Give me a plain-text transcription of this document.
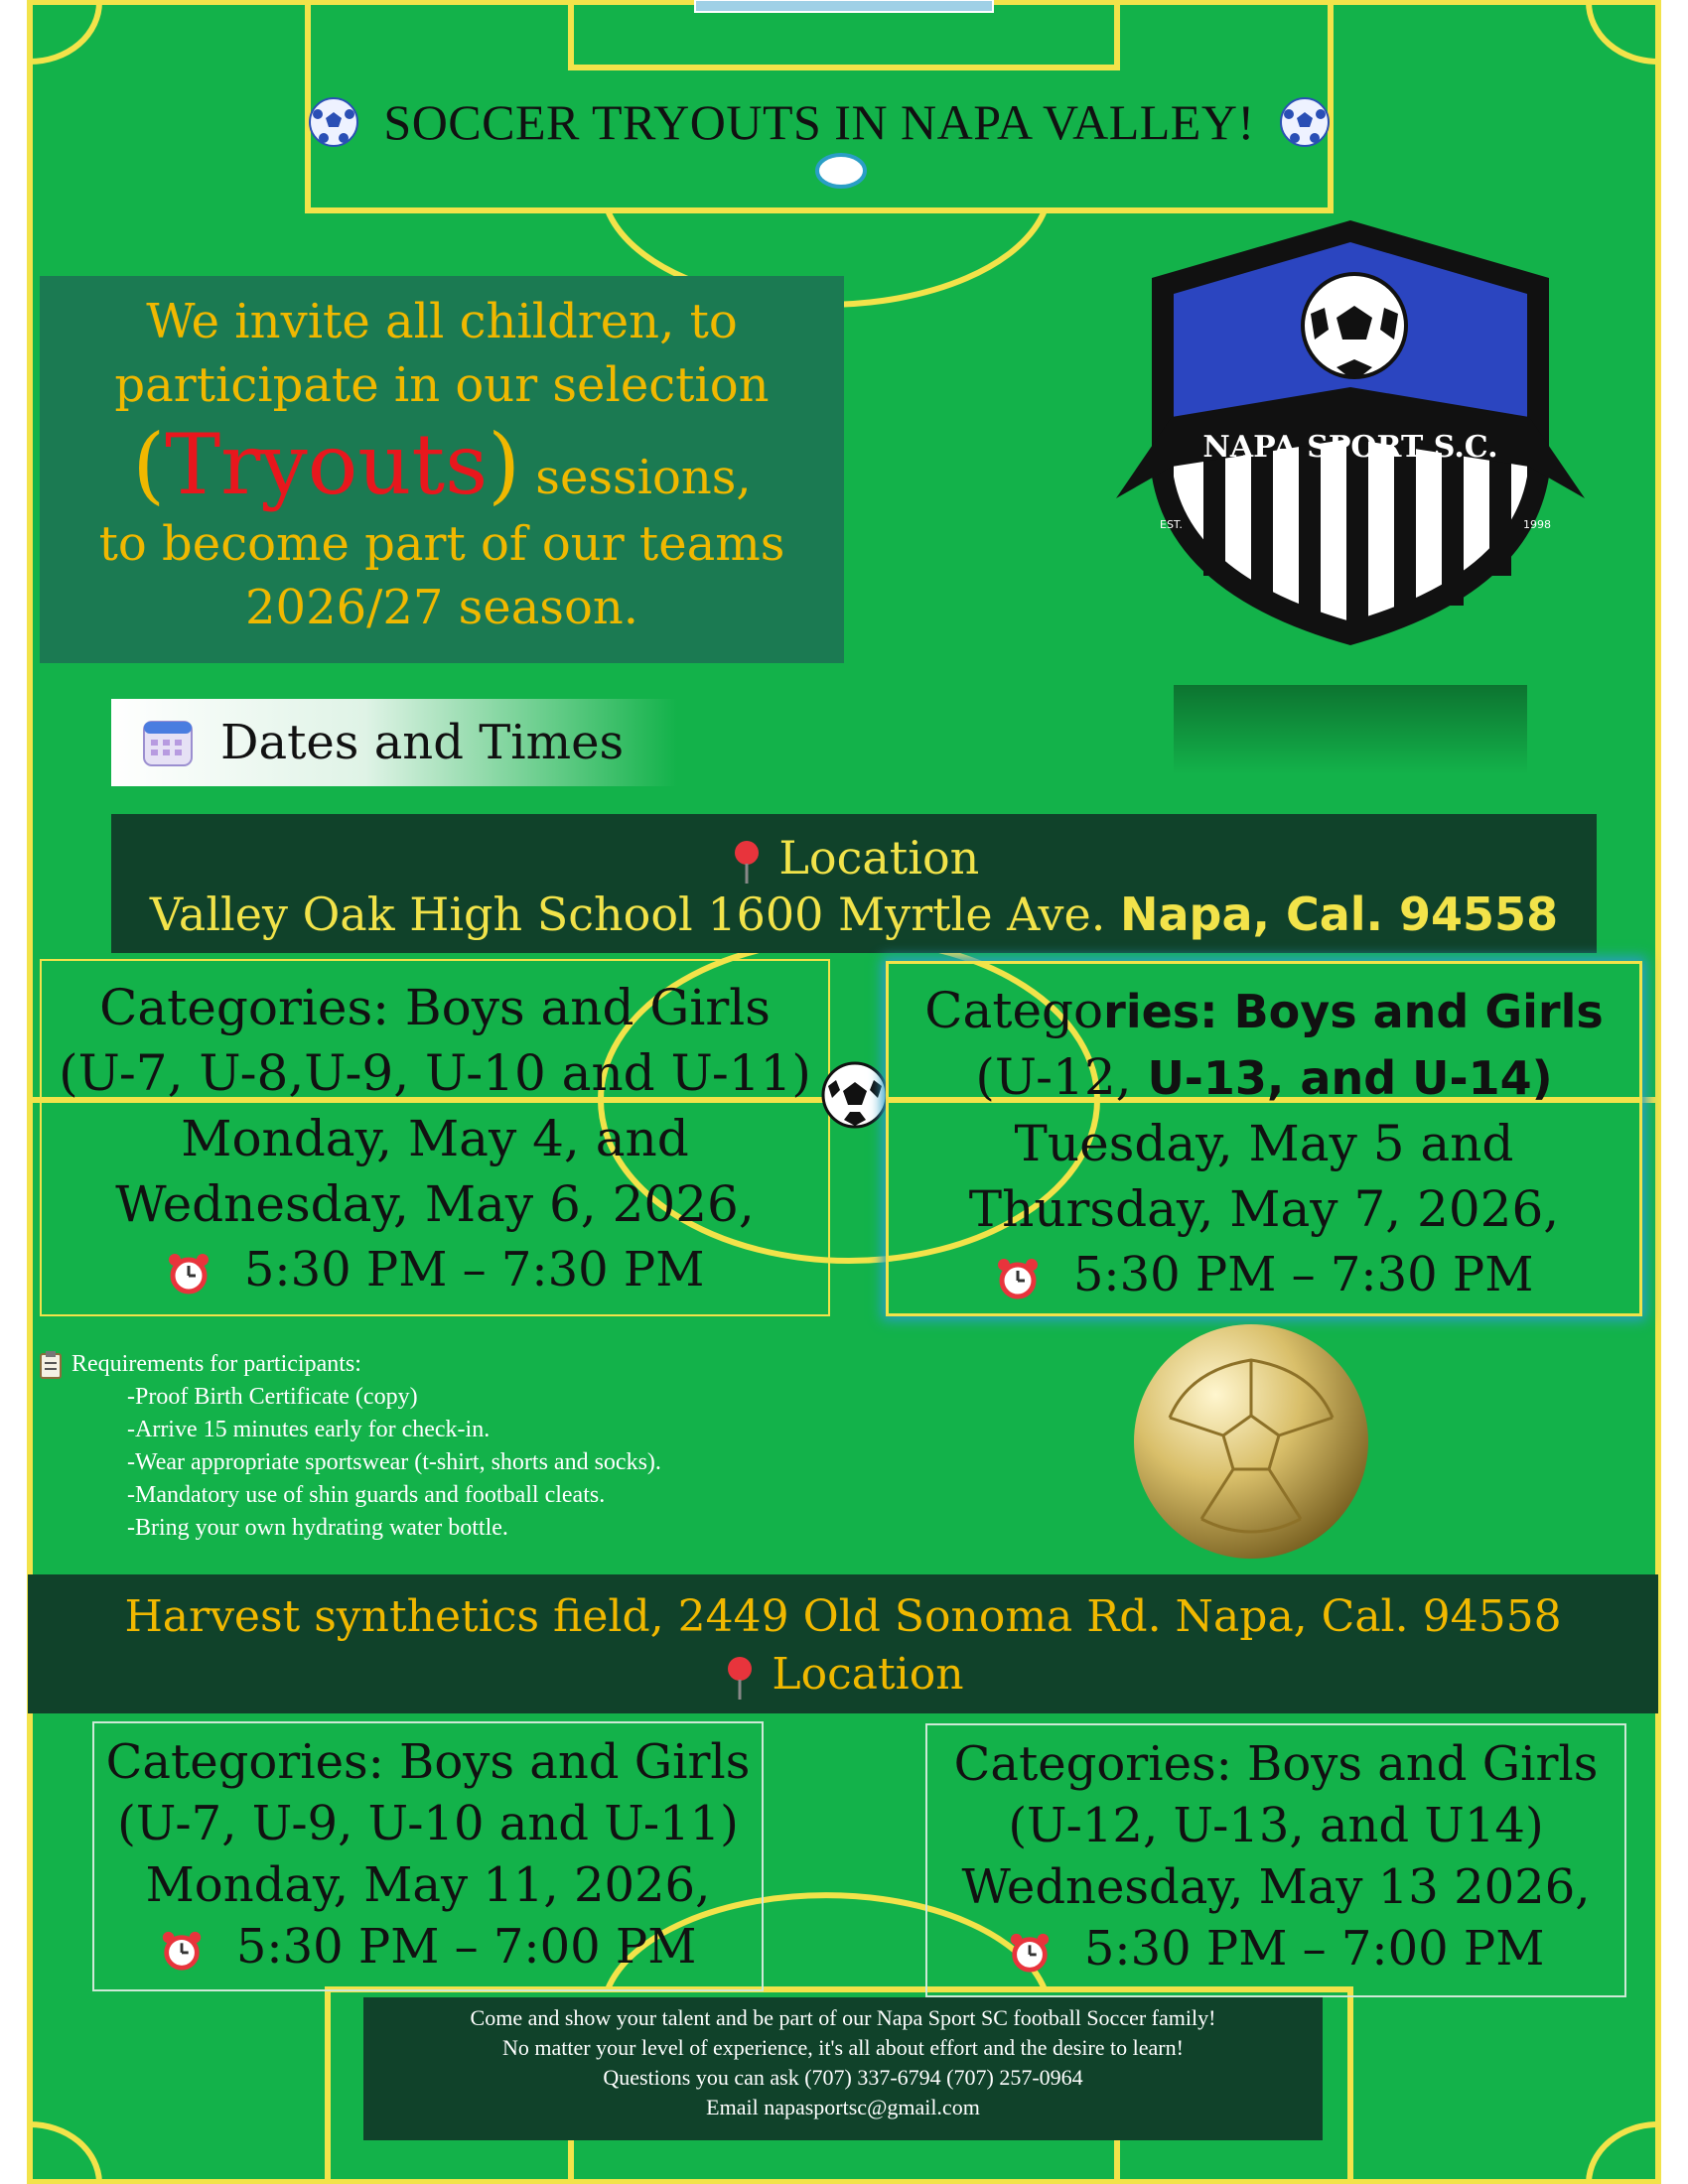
SOCCER TRYOUTS IN NAPA VALLEY!
We invite all children, to
participate in our selection
(Tryouts) sessions,
to become part of our teams
2026/27 season.
NAPA SPORT S.C.
EST.	1998
Dates and Times
Location
Valley Oak High School 1600 Myrtle Ave. Napa, Cal. 94558
Categories: Boys and Girls
(U-7, U-8,U-9, U-10 and U-11)
Monday, May 4, and
Wednesday, May 6, 2026,
5:30 PM – 7:30 PM
Categories: Boys and Girls
(U-12, U-13, and U-14)
Tuesday, May 5 and
Thursday, May 7, 2026,
5:30 PM – 7:30 PM
Requirements for participants:
-Proof Birth Certificate (copy)
-Arrive 15 minutes early for check-in.
-Wear appropriate sportswear (t-shirt, shorts and socks).
-Mandatory use of shin guards and football cleats.
-Bring your own hydrating water bottle.
Harvest synthetics field, 2449 Old Sonoma Rd. Napa, Cal. 94558
Location
Categories: Boys and Girls
(U-7, U-9, U-10 and U-11)
Monday, May 11, 2026,
5:30 PM – 7:00 PM
Categories: Boys and Girls
(U-12, U-13, and U14)
Wednesday, May 13 2026,
5:30 PM – 7:00 PM
Come and show your talent and be part of our Napa Sport SC football Soccer family!
No matter your level of experience, it's all about effort and the desire to learn!
Questions you can ask (707) 337-6794 (707) 257-0964
Email napasportsc@gmail.com
